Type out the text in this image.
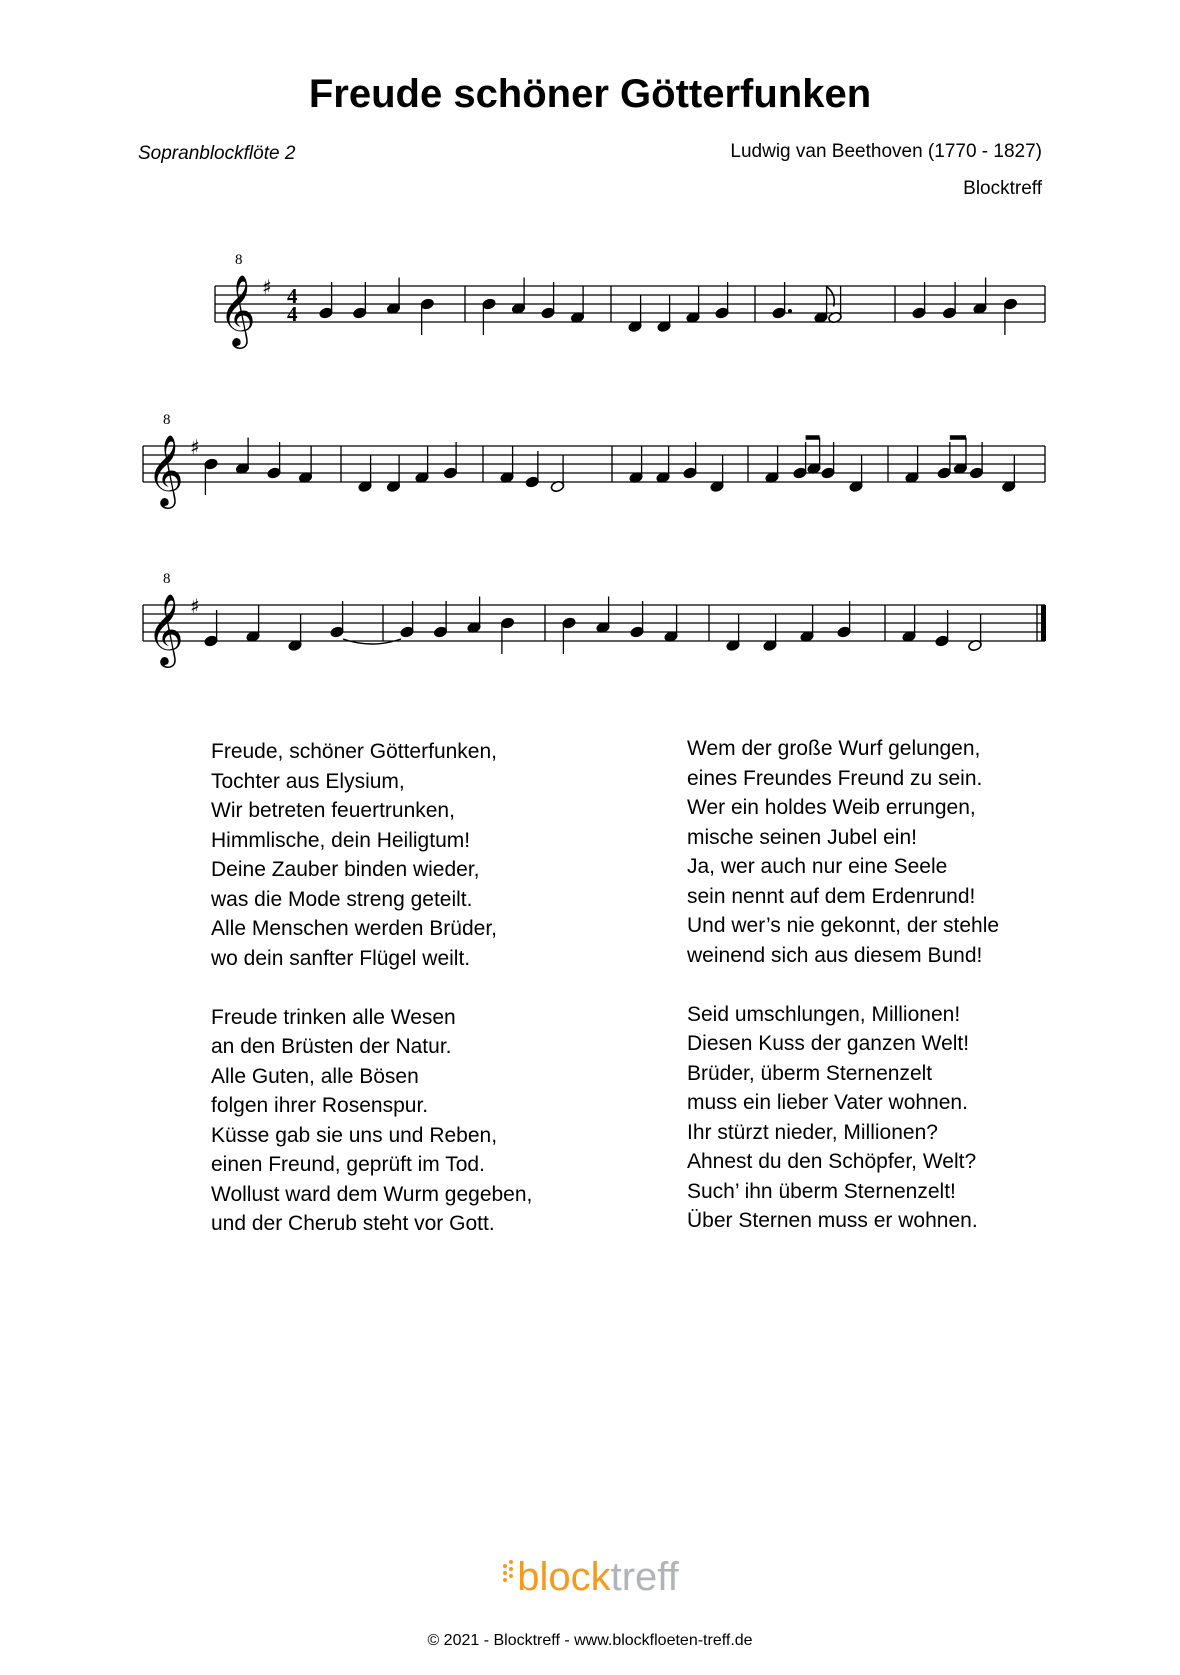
Freude schöner Götterfunken
Sopranblockflöte 2	Ludwig van Beethoven (1770 - 1827)
Blocktreff
𝄞
8
♯ 4
4
𝄞
8
♯
𝄞
8
♯
Freude, schöner Götterfunken,
Tochter aus Elysium,
Wir betreten feuertrunken,
Himmlische, dein Heiligtum!
Deine Zauber binden wieder,
was die Mode streng geteilt.
Alle Menschen werden Brüder,
wo dein sanfter Flügel weilt.
Freude trinken alle Wesen
an den Brüsten der Natur.
Alle Guten, alle Bösen
folgen ihrer Rosenspur.
Küsse gab sie uns und Reben,
einen Freund, geprüft im Tod.
Wollust ward dem Wurm gegeben,
und der Cherub steht vor Gott.
Wem der große Wurf gelungen,
eines Freundes Freund zu sein.
Wer ein holdes Weib errungen,
mische seinen Jubel ein!
Ja, wer auch nur eine Seele
sein nennt auf dem Erdenrund!
Und wer’s nie gekonnt, der stehle
weinend sich aus diesem Bund!
Seid umschlungen, Millionen!
Diesen Kuss der ganzen Welt!
Brüder, überm Sternenzelt
muss ein lieber Vater wohnen.
Ihr stürzt nieder, Millionen?
Ahnest du den Schöpfer, Welt?
Such’ ihn überm Sternenzelt!
Über Sternen muss er wohnen.
blocktreff
© 2021 - Blocktreff - www.blockfloeten-treff.de
